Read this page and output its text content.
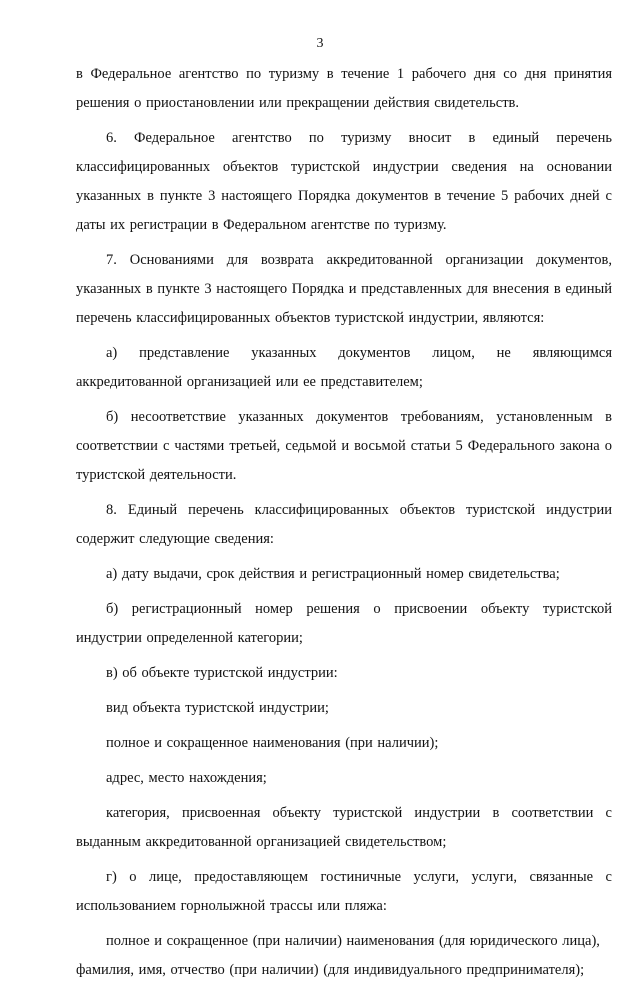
3

в Федеральное агентство по туризму в течение 1 рабочего дня со дня принятия решения о приостановлении или прекращении действия свидетельств.

6. Федеральное агентство по туризму вносит в единый перечень классифицированных объектов туристской индустрии сведения на основании указанных в пункте 3 настоящего Порядка документов в течение 5 рабочих дней с даты их регистрации в Федеральном агентстве по туризму.

7. Основаниями для возврата аккредитованной организации документов, указанных в пункте 3 настоящего Порядка и представленных для внесения в единый перечень классифицированных объектов туристской индустрии, являются:

а) представление указанных документов лицом, не являющимся аккредитованной организацией или ее представителем;

б) несоответствие указанных документов требованиям, установленным в соответствии с частями третьей, седьмой и восьмой статьи 5 Федерального закона о туристской деятельности.

8. Единый перечень классифицированных объектов туристской индустрии содержит следующие сведения:

а) дату выдачи, срок действия и регистрационный номер свидетельства;

б) регистрационный номер решения о присвоении объекту туристской индустрии определенной категории;

в) об объекте туристской индустрии:

вид объекта туристской индустрии;

полное и сокращенное наименования (при наличии);

адрес, место нахождения;

категория, присвоенная объекту туристской индустрии в соответствии с выданным аккредитованной организацией свидетельством;

г) о лице, предоставляющем гостиничные услуги, услуги, связанные с использованием горнолыжной трассы или пляжа:

полное и сокращенное (при наличии) наименования (для юридического лица),

фамилия, имя, отчество (при наличии) (для индивидуального предпринимателя);
